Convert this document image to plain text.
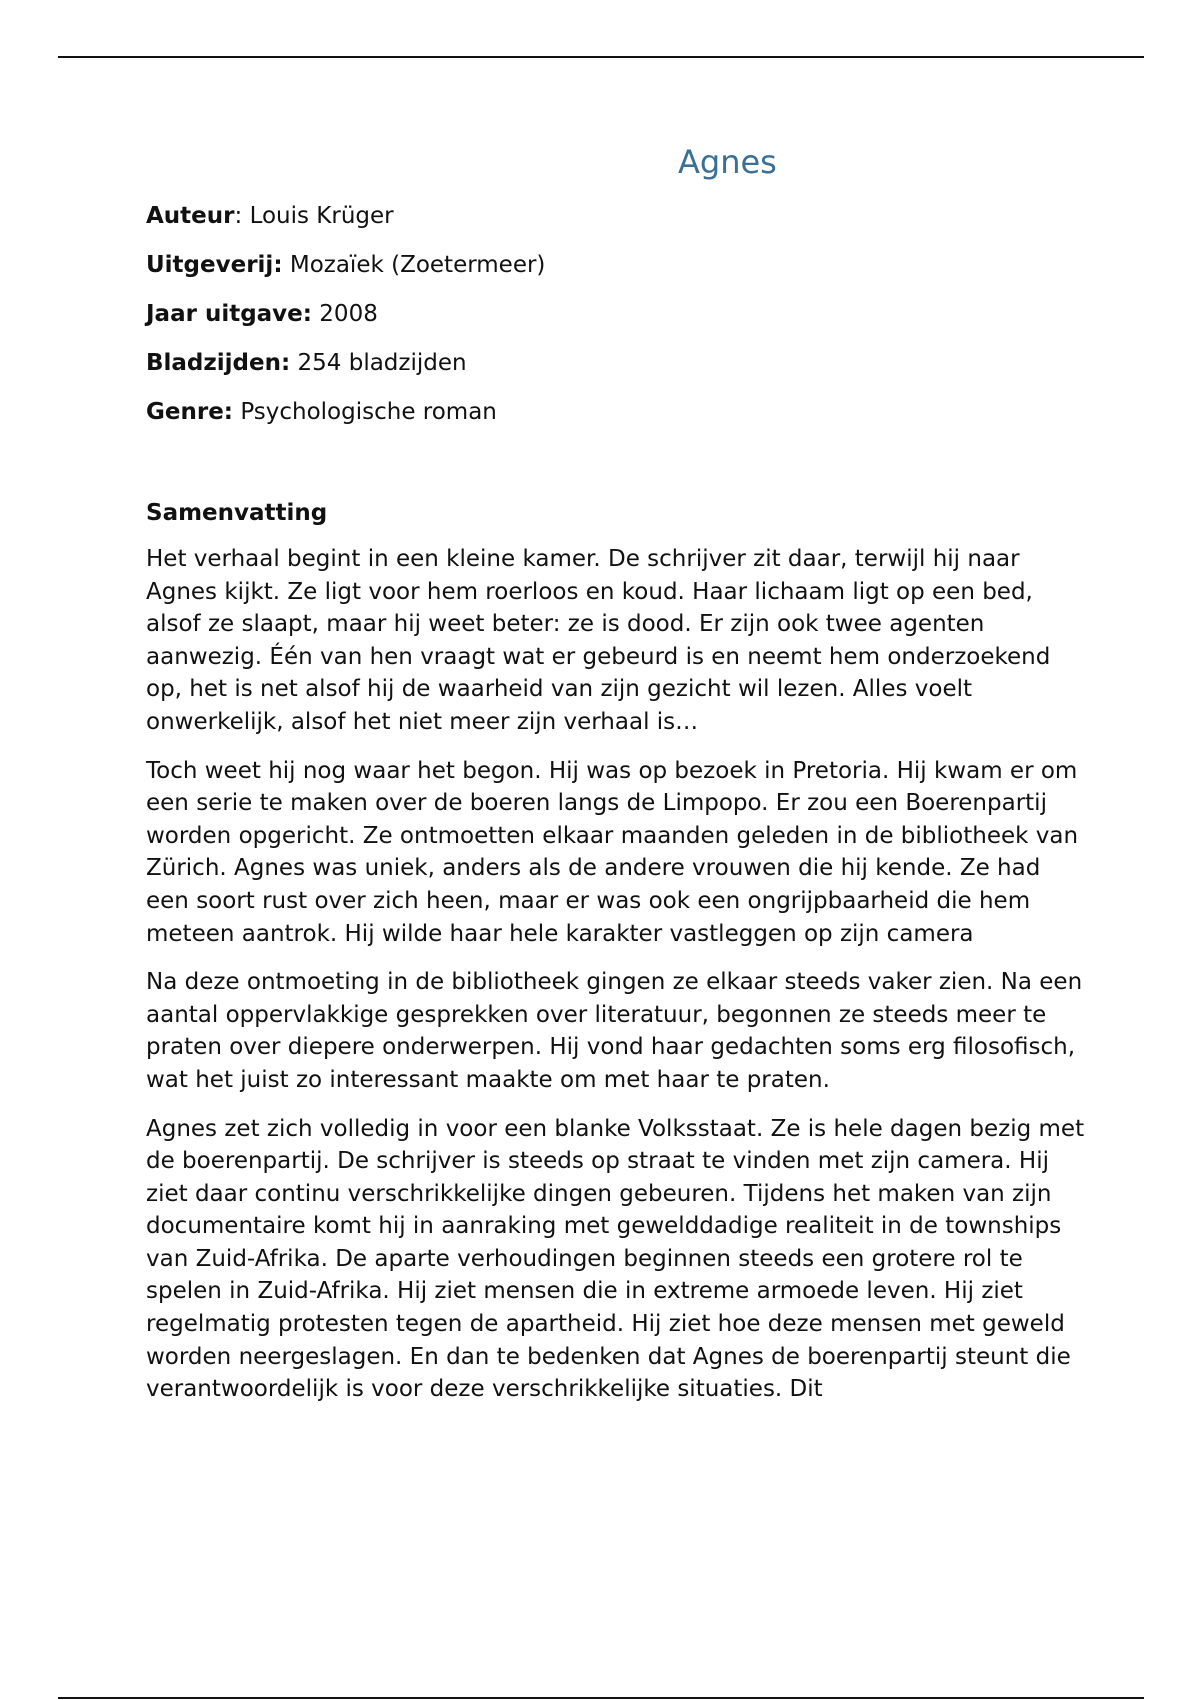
Agnes
Auteur: Louis Krüger
Uitgeverij: Mozaïek (Zoetermeer)
Jaar uitgave: 2008
Bladzijden: 254 bladzijden
Genre: Psychologische roman
Samenvatting

Het verhaal begint in een kleine kamer. De schrijver zit daar, terwijl hij naar Agnes kijkt. Ze ligt voor hem roerloos en koud. Haar lichaam ligt op een bed, alsof ze slaapt, maar hij weet beter: ze is dood. Er zijn ook twee agenten aanwezig. Één van hen vraagt wat er gebeurd is en neemt hem onderzoekend op, het is net alsof hij de waarheid van zijn gezicht wil lezen. Alles voelt onwerkelijk, alsof het niet meer zijn verhaal is…

Toch weet hij nog waar het begon. Hij was op bezoek in Pretoria. Hij kwam er om een serie te maken over de boeren langs de Limpopo. Er zou een Boerenpartij worden opgericht. Ze ontmoetten elkaar maanden geleden in de bibliotheek van Zürich. Agnes was uniek, anders als de andere vrouwen die hij kende. Ze had een soort rust over zich heen, maar er was ook een ongrijpbaarheid die hem meteen aantrok. Hij wilde haar hele karakter vastleggen op zijn camera

Na deze ontmoeting in de bibliotheek gingen ze elkaar steeds vaker zien. Na een aantal oppervlakkige gesprekken over literatuur, begonnen ze steeds meer te praten over diepere onderwerpen. Hij vond haar gedachten soms erg filosofisch, wat het juist zo interessant maakte om met haar te praten.

Agnes zet zich volledig in voor een blanke Volksstaat. Ze is hele dagen bezig met de boerenpartij. De schrijver is steeds op straat te vinden met zijn camera. Hij ziet daar continu verschrikkelijke dingen gebeuren. Tijdens het maken van zijn documentaire komt hij in aanraking met gewelddadige realiteit in de townships van Zuid-Afrika. De aparte verhoudingen beginnen steeds een grotere rol te spelen in Zuid-Afrika. Hij ziet mensen die in extreme armoede leven. Hij ziet regelmatig protesten tegen de apartheid. Hij ziet hoe deze mensen met geweld worden neergeslagen. En dan te bedenken dat Agnes de boerenpartij steunt die verantwoordelijk is voor deze verschrikkelijke situaties. Dit
